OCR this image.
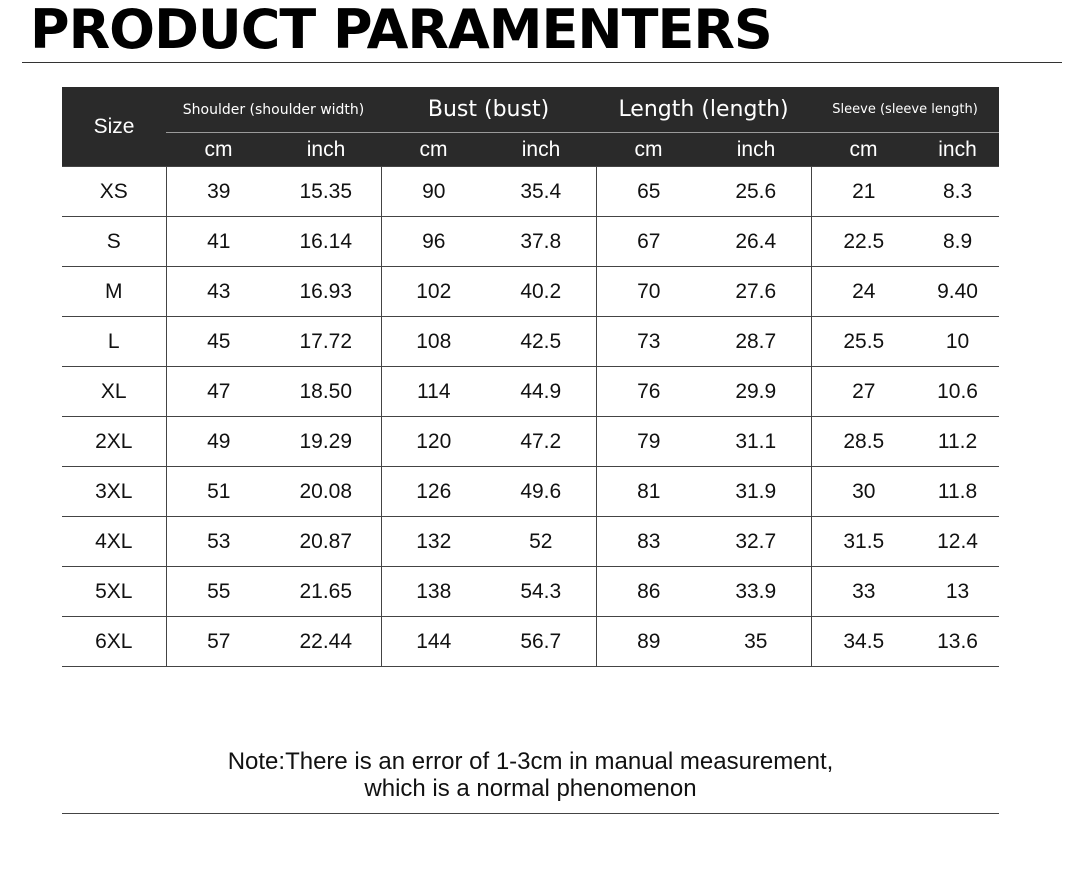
PRODUCT PARAMENTERS
Size	Shoulder (shoulder width)		Bust (bust)		Length (length)		Sleeve (sleeve length)	
	cm	inch	cm	inch	cm	inch	cm	inch
XS	39	15.35	90	35.4	65	25.6	21	8.3
S	41	16.14	96	37.8	67	26.4	22.5	8.9
M	43	16.93	102	40.2	70	27.6	24	9.40
L	45	17.72	108	42.5	73	28.7	25.5	10
XL	47	18.50	114	44.9	76	29.9	27	10.6
2XL	49	19.29	120	47.2	79	31.1	28.5	11.2
3XL	51	20.08	126	49.6	81	31.9	30	11.8
4XL	53	20.87	132	52	83	32.7	31.5	12.4
5XL	55	21.65	138	54.3	86	33.9	33	13
6XL	57	22.44	144	56.7	89	35	34.5	13.6
Note:There is an error of 1-3cm in manual measurement,
which is a normal phenomenon
